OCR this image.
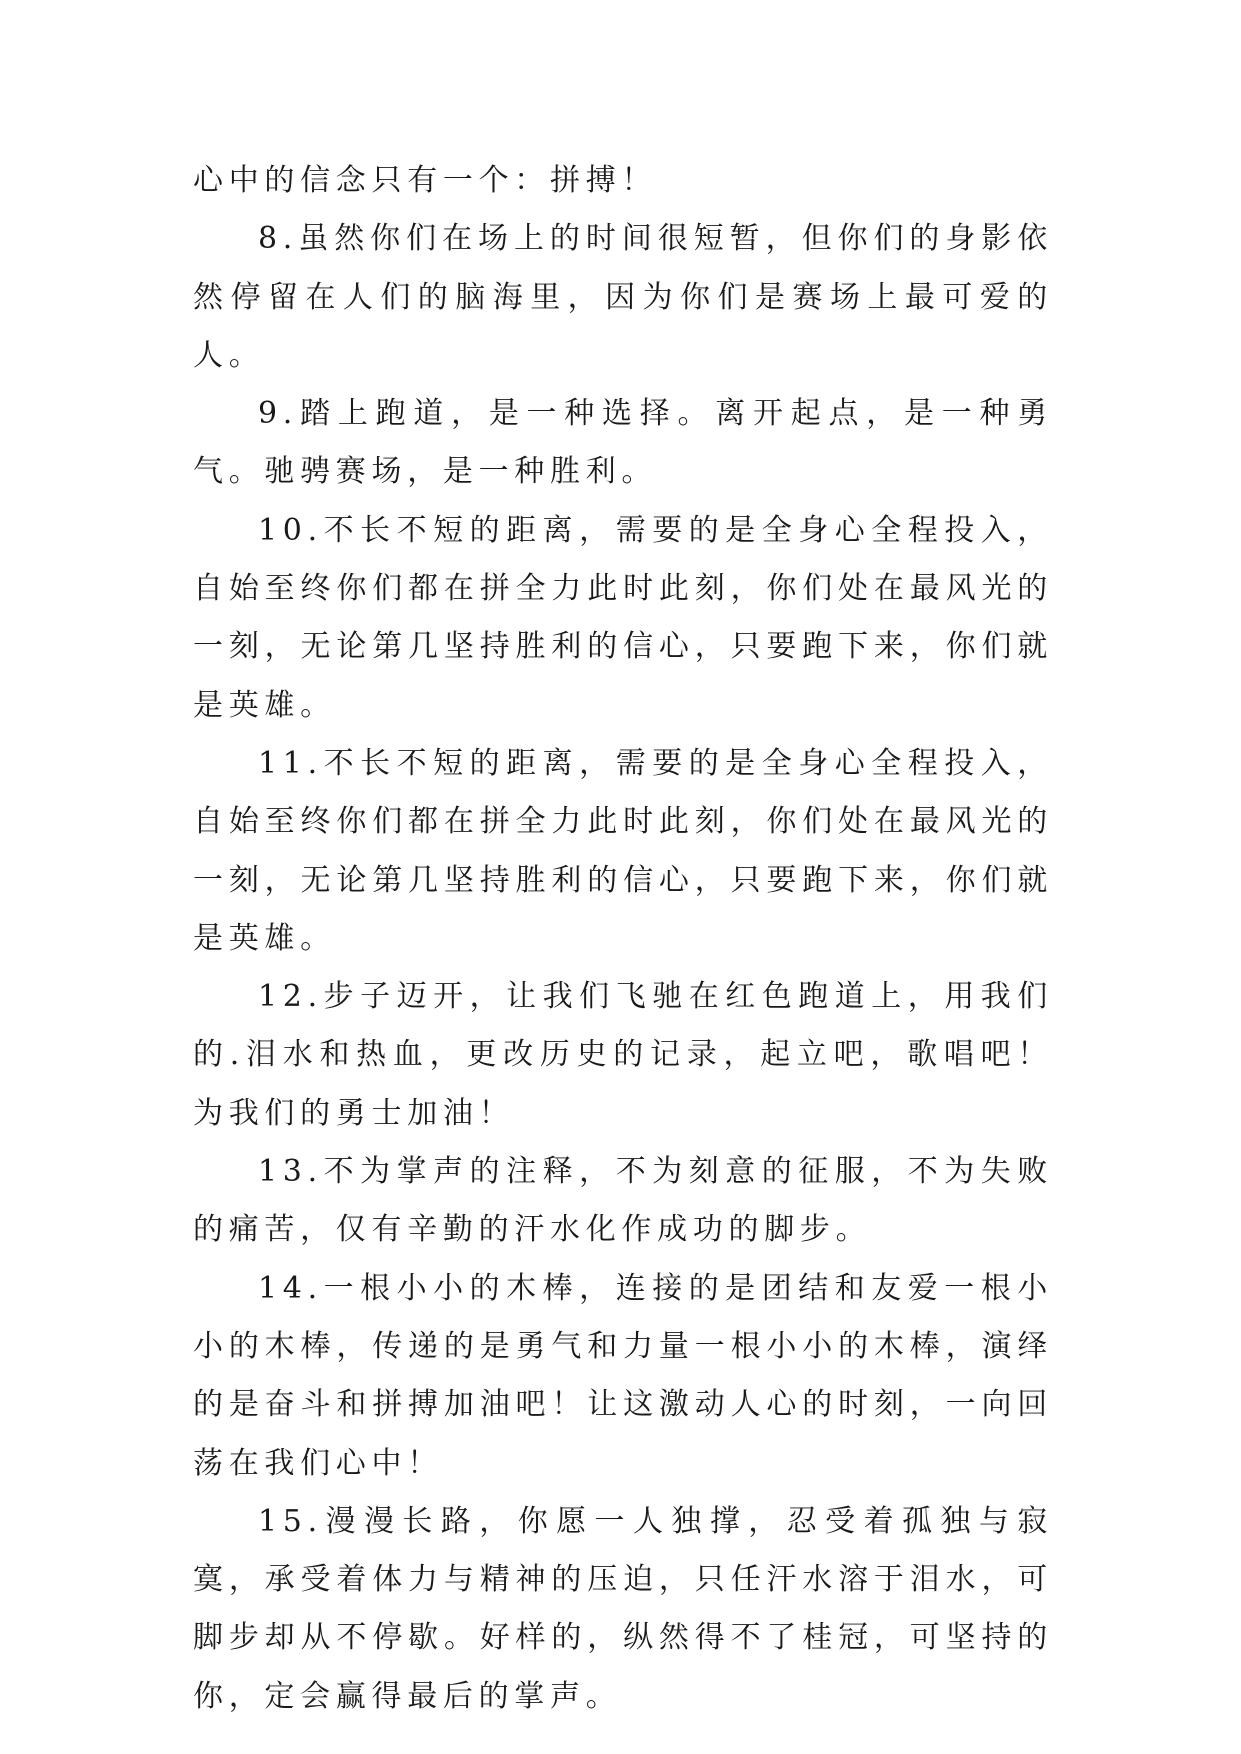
心中的信念只有一个：拼搏！

8.虽然你们在场上的时间很短暂，但你们的身影依然停留在人们的脑海里，因为你们是赛场上最可爱的人。

9.踏上跑道，是一种选择。离开起点，是一种勇气。驰骋赛场，是一种胜利。

10.不长不短的距离，需要的是全身心全程投入，自始至终你们都在拼全力此时此刻，你们处在最风光的一刻，无论第几坚持胜利的信心，只要跑下来，你们就是英雄。

11.不长不短的距离，需要的是全身心全程投入，自始至终你们都在拼全力此时此刻，你们处在最风光的一刻，无论第几坚持胜利的信心，只要跑下来，你们就是英雄。

12.步子迈开，让我们飞驰在红色跑道上，用我们的.泪水和热血，更改历史的记录，起立吧，歌唱吧！为我们的勇士加油！

13.不为掌声的注释，不为刻意的征服，不为失败的痛苦，仅有辛勤的汗水化作成功的脚步。

14.一根小小的木棒，连接的是团结和友爱一根小小的木棒，传递的是勇气和力量一根小小的木棒，演绎的是奋斗和拼搏加油吧！让这激动人心的时刻，一向回荡在我们心中！

15.漫漫长路，你愿一人独撑，忍受着孤独与寂寞，承受着体力与精神的压迫，只任汗水溶于泪水，可脚步却从不停歇。好样的，纵然得不了桂冠，可坚持的你，定会赢得最后的掌声。
